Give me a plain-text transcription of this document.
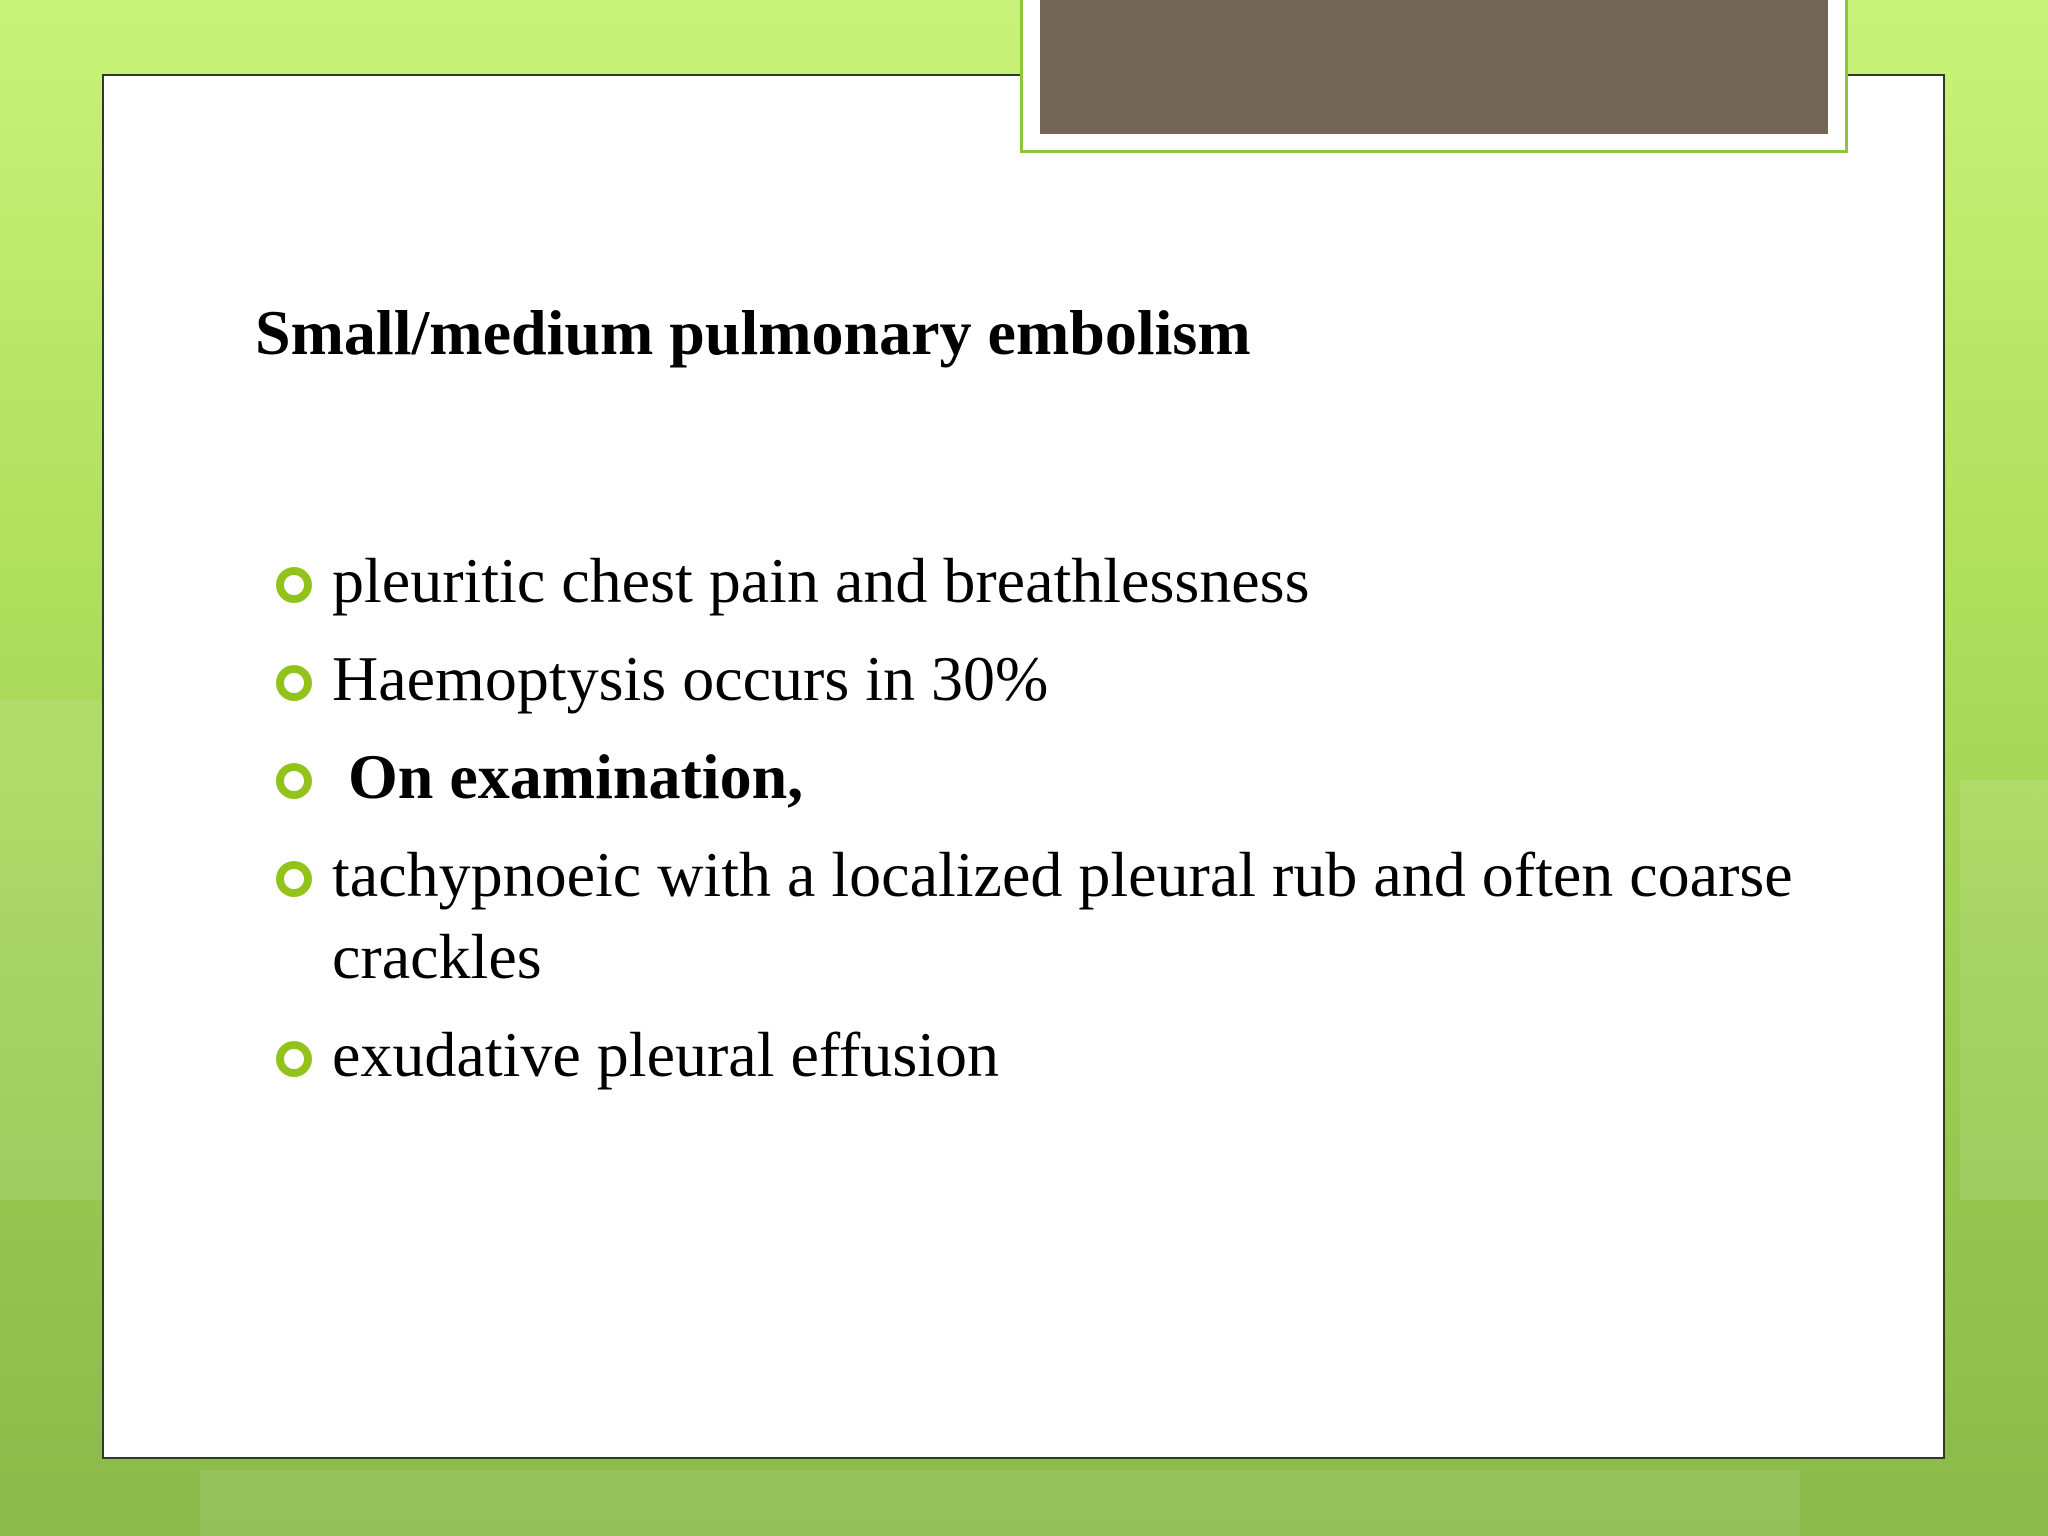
Small/medium pulmonary embolism
pleuritic chest pain and breathlessness
Haemoptysis occurs in 30%
On examination,
tachypnoeic with a localized pleural rub and often coarse crackles
exudative pleural effusion
